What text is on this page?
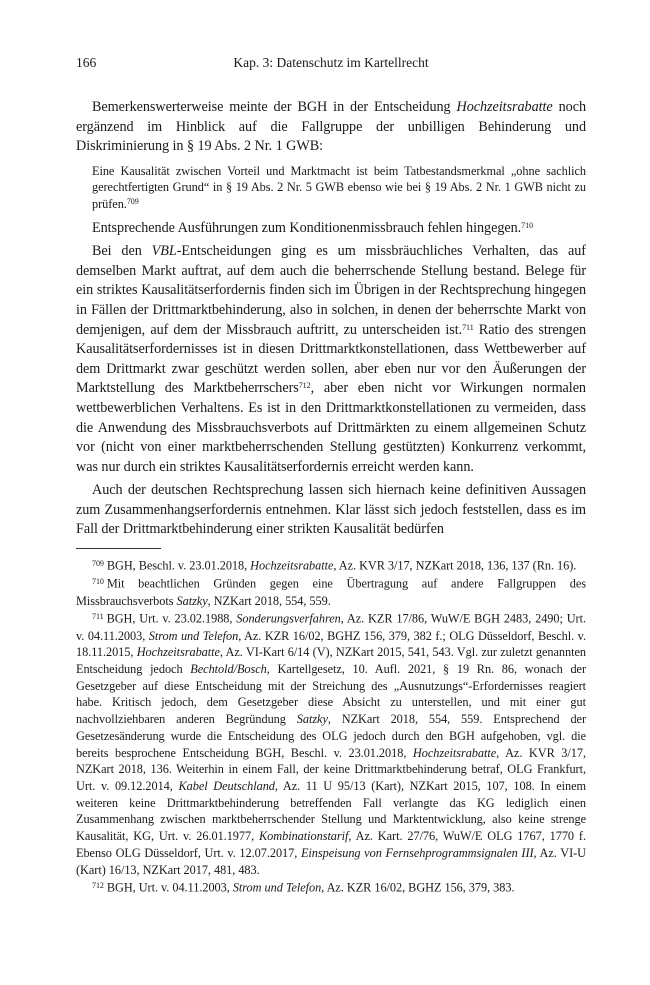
166	Kap. 3: Datenschutz im Kartellrecht

Bemerkenswerterweise meinte der BGH in der Entscheidung Hochzeitsrabatte noch ergänzend im Hinblick auf die Fallgruppe der unbilligen Behinderung und Diskriminierung in § 19 Abs. 2 Nr. 1 GWB:

Eine Kausalität zwischen Vorteil und Marktmacht ist beim Tatbestandsmerkmal „ohne sachlich gerechtfertigten Grund“ in § 19 Abs. 2 Nr. 5 GWB ebenso wie bei § 19 Abs. 2 Nr. 1 GWB nicht zu prüfen.$^{709}$

Entsprechende Ausführungen zum Konditionenmissbrauch fehlen hingegen.$^{710}$

Bei den VBL-Entscheidungen ging es um missbräuchliches Verhalten, das auf demselben Markt auftrat, auf dem auch die beherrschende Stellung bestand. Belege für ein striktes Kausalitätserfordernis finden sich im Übrigen in der Rechtsprechung hingegen in Fällen der Drittmarktbehinderung, also in solchen, in denen der beherrschte Markt von demjenigen, auf dem der Missbrauch auftritt, zu unterscheiden ist.$^{711}$ Ratio des strengen Kausalitätserfordernisses ist in diesen Drittmarktkonstellationen, dass Wettbewerber auf dem Drittmarkt zwar geschützt werden sollen, aber eben nur vor den Äußerungen der Marktstellung des Marktbeherrschers$^{712}$, aber eben nicht vor Wirkungen normalen wettbewerblichen Verhaltens. Es ist in den Drittmarktkonstellationen zu vermeiden, dass die Anwendung des Missbrauchsverbots auf Drittmärkten zu einem allgemeinen Schutz vor (nicht von einer marktbeherrschenden Stellung gestützten) Konkurrenz verkommt, was nur durch ein striktes Kausalitätserfordernis erreicht werden kann.

Auch der deutschen Rechtsprechung lassen sich hiernach keine definitiven Aussagen zum Zusammenhangserfordernis entnehmen. Klar lässt sich jedoch feststellen, dass es im Fall der Drittmarktbehinderung einer strikten Kausalität bedürfen

$^{709}$ BGH, Beschl. v. 23.01.2018, Hochzeitsrabatte, Az. KVR 3/17, NZKart 2018, 136, 137 (Rn. 16).

$^{710}$ Mit beachtlichen Gründen gegen eine Übertragung auf andere Fallgruppen des Missbrauchsverbots Satzky, NZKart 2018, 554, 559.

$^{711}$ BGH, Urt. v. 23.02.1988, Sonderungsverfahren, Az. KZR 17/86, WuW/E BGH 2483, 2490; Urt. v. 04.11.2003, Strom und Telefon, Az. KZR 16/02, BGHZ 156, 379, 382 f.; OLG Düsseldorf, Beschl. v. 18.11.2015, Hochzeitsrabatte, Az. VI-Kart 6/14 (V), NZKart 2015, 541, 543. Vgl. zur zuletzt genannten Entscheidung jedoch Bechtold/Bosch, Kartellgesetz, 10. Aufl. 2021, § 19 Rn. 86, wonach der Gesetzgeber auf diese Entscheidung mit der Streichung des „Ausnutzungs“-Erfordernisses reagiert habe. Kritisch jedoch, dem Gesetzgeber diese Absicht zu unterstellen, und mit einer gut nachvollziehbaren anderen Begründung Satzky, NZKart 2018, 554, 559. Entsprechend der Gesetzesänderung wurde die Entscheidung des OLG jedoch durch den BGH aufgehoben, vgl. die bereits besprochene Entscheidung BGH, Beschl. v. 23.01.2018, Hochzeitsrabatte, Az. KVR 3/17, NZKart 2018, 136. Weiterhin in einem Fall, der keine Drittmarktbehinderung betraf, OLG Frankfurt, Urt. v. 09.12.2014, Kabel Deutschland, Az. 11 U 95/13 (Kart), NZKart 2015, 107, 108. In einem weiteren keine Drittmarktbehinderung betreffenden Fall verlangte das KG lediglich einen Zusammenhang zwischen marktbeherrschender Stellung und Marktentwicklung, also keine strenge Kausalität, KG, Urt. v. 26.01.1977, Kombinationstarif, Az. Kart. 27/76, WuW/E OLG 1767, 1770 f. Ebenso OLG Düsseldorf, Urt. v. 12.07.2017, Einspeisung von Fernsehprogrammsignalen III, Az. VI-U (Kart) 16/13, NZKart 2017, 481, 483.

$^{712}$ BGH, Urt. v. 04.11.2003, Strom und Telefon, Az. KZR 16/02, BGHZ 156, 379, 383.
